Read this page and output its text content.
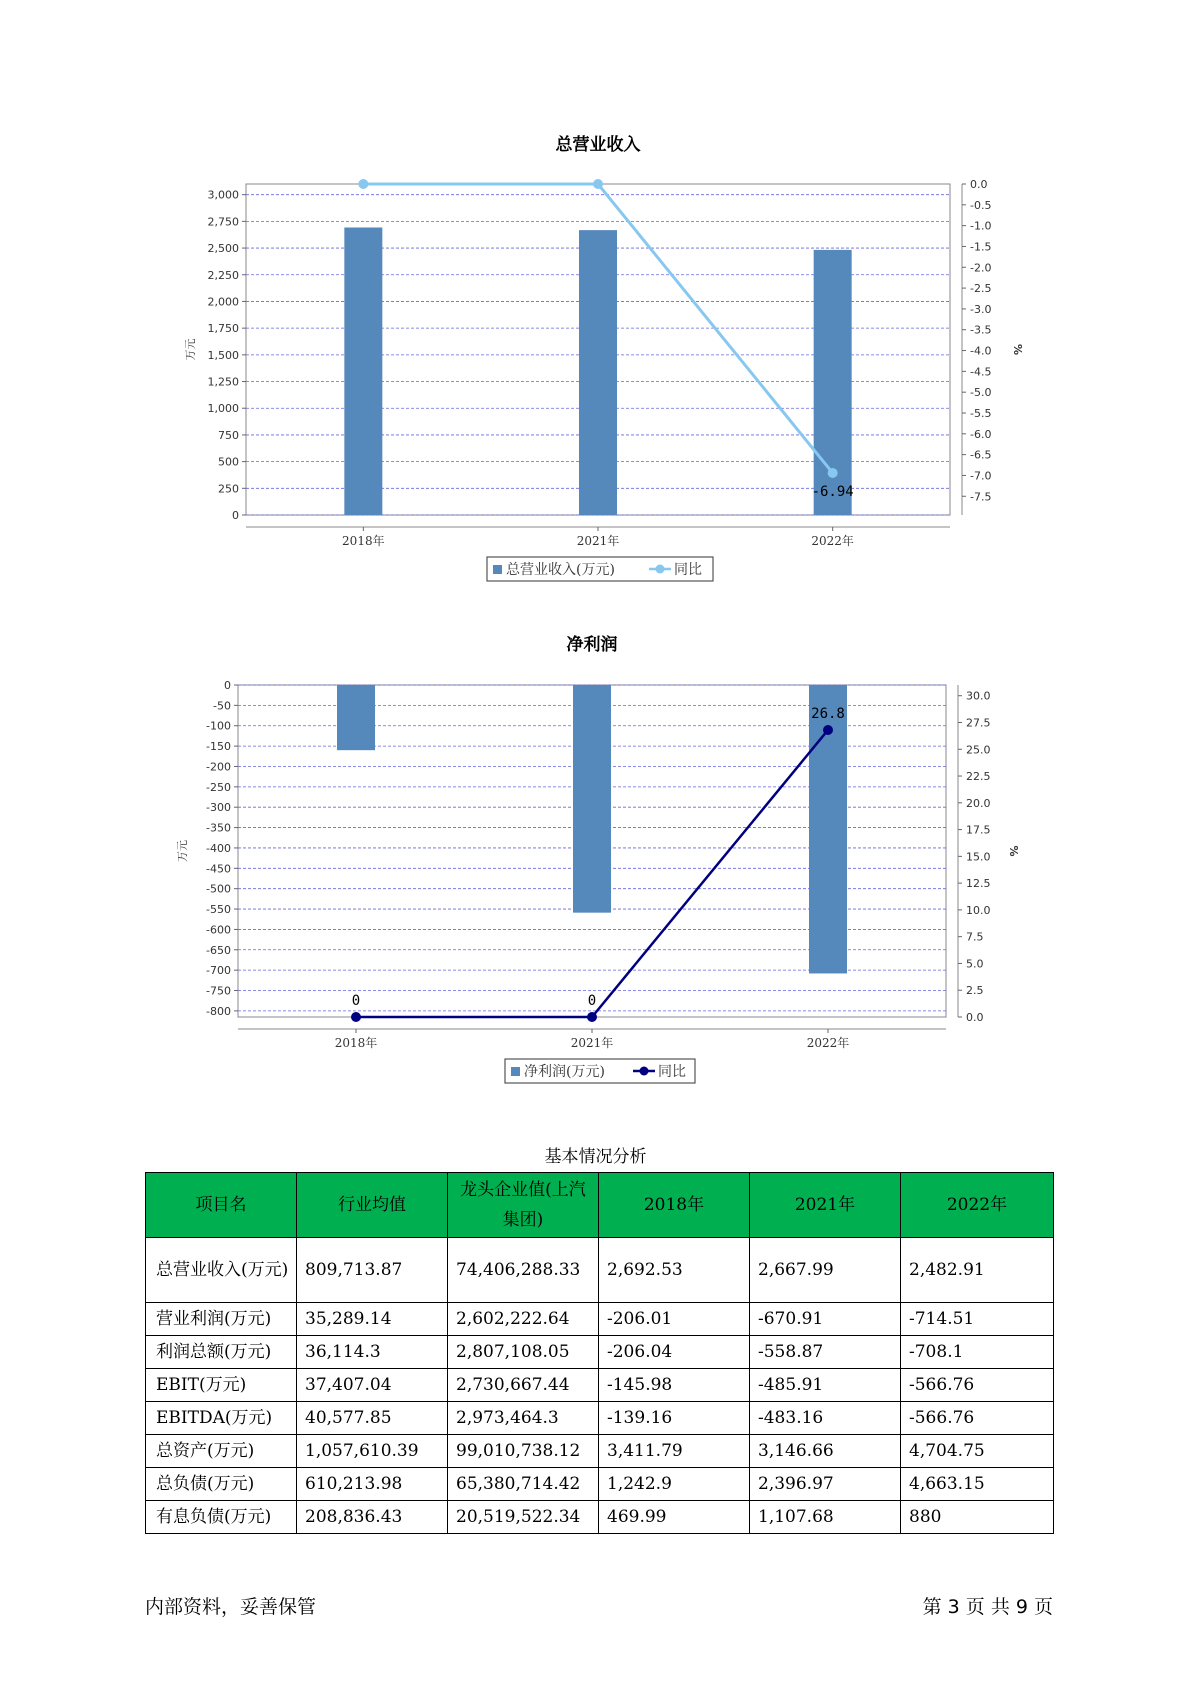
总营业收入
0
250
500
750
1,000
1,250
1,500
1,750
2,000
2,250
2,500
2,750
3,000
0.0
-0.5
-1.0
-1.5
-2.0
-2.5
-3.0
-3.5
-4.0
-4.5
-5.0
-5.5
-6.0
-6.5
-7.0
-7.5
万元	%
2018年	2021年	2022年
-6.94
总营业收入(万元)	同比
净利润
0
-50
-100
-150
-200
-250
-300
-350
-400
-450
-500
-550
-600
-650
-700
-750
-800	0.0
2.5
5.0
7.5
10.0
12.5
15.0
17.5
20.0
22.5
25.0
27.5
30.0
万元	%
2018年	2021年	2022年
0	0
26.8
净利润(万元)	同比
基本情况分析
项目名	行业均值	龙头企业值(上汽集团)	2018年	2021年	2022年
总营业收入(万元)	809,713.87	74,406,288.33	2,692.53	2,667.99	2,482.91
营业利润(万元)	35,289.14	2,602,222.64	-206.01	-670.91	-714.51
利润总额(万元)	36,114.3	2,807,108.05	-206.04	-558.87	-708.1
EBIT(万元)	37,407.04	2,730,667.44	-145.98	-485.91	-566.76
EBITDA(万元)	40,577.85	2,973,464.3	-139.16	-483.16	-566.76
总资产(万元)	1,057,610.39	99,010,738.12	3,411.79	3,146.66	4,704.75
总负债(万元)	610,213.98	65,380,714.42	1,242.9	2,396.97	4,663.15
有息负债(万元)	208,836.43	20,519,522.34	469.99	1,107.68	880
内部资料，妥善保管	第 3 页 共 9 页
